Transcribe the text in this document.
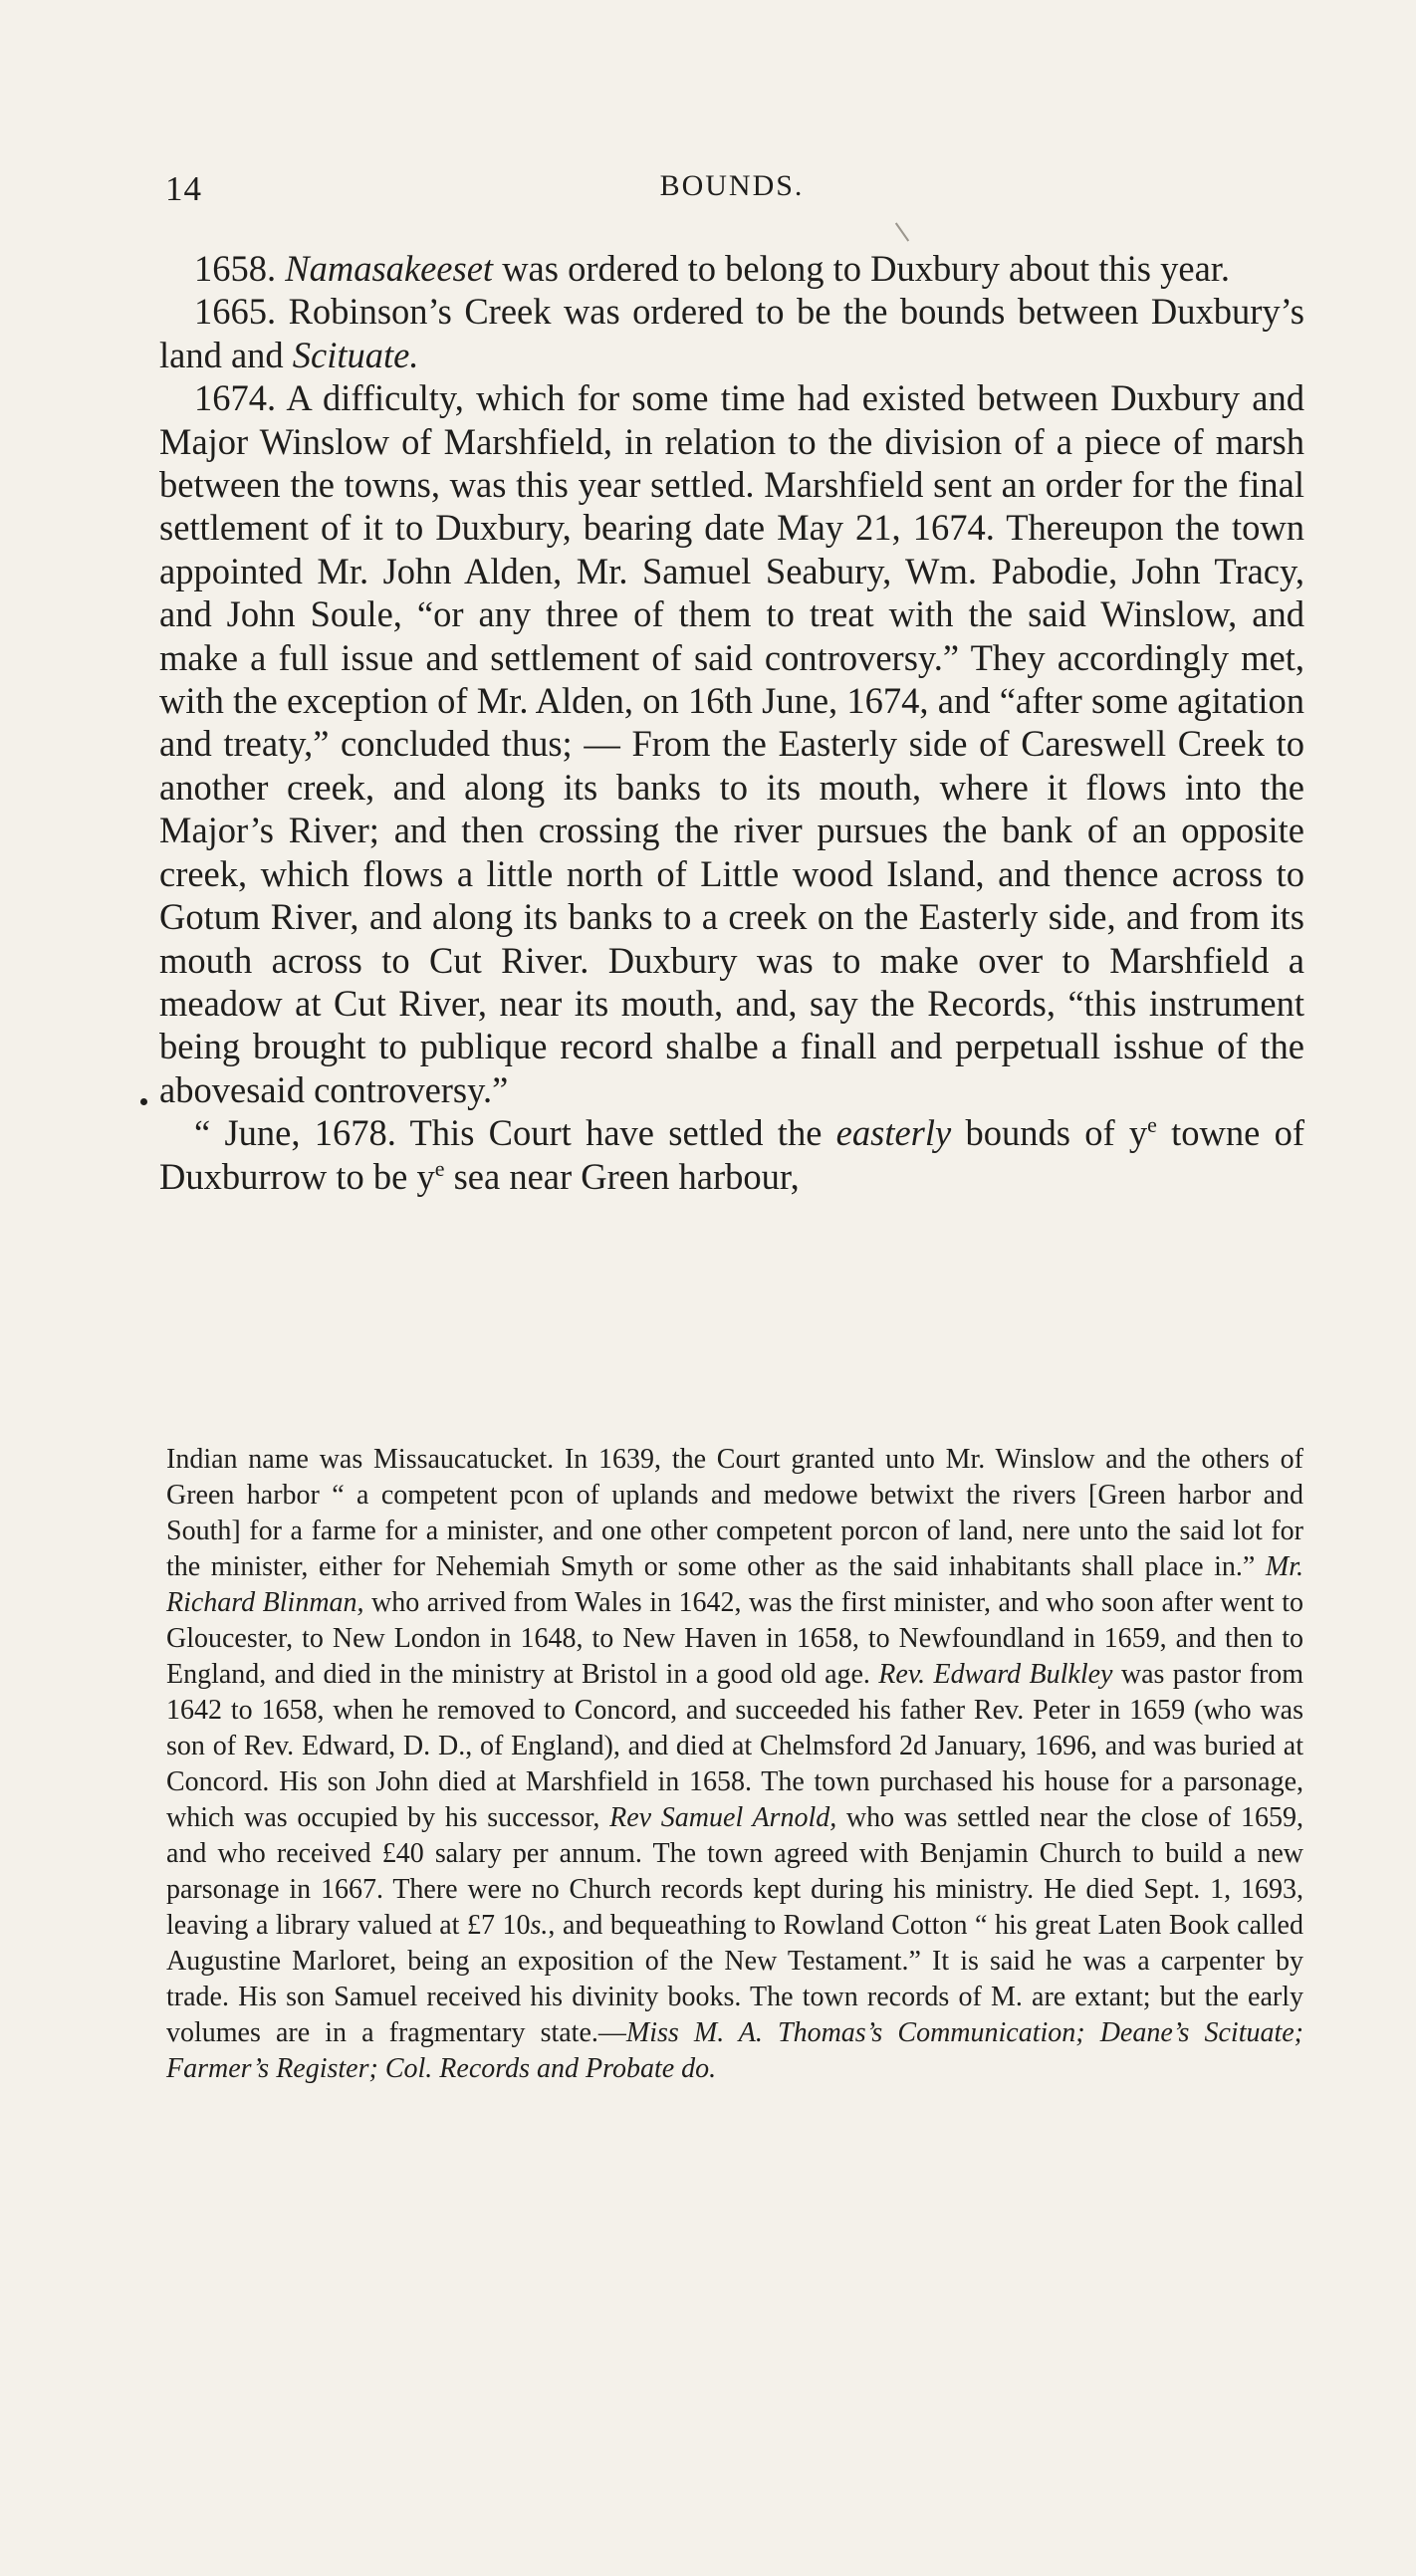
14	BOUNDS.

1658. Namasakeeset was ordered to belong to Duxbury about this year.

1665. Robinson’s Creek was ordered to be the bounds between Duxbury’s land and Scituate.

1674. A difficulty, which for some time had existed between Duxbury and Major Winslow of Marshfield, in relation to the division of a piece of marsh between the towns, was this year settled. Marshfield sent an order for the final settlement of it to Duxbury, bearing date May 21, 1674. Thereupon the town appointed Mr. John Alden, Mr. Samuel Seabury, Wm. Pabodie, John Tracy, and John Soule, “or any three of them to treat with the said Winslow, and make a full issue and settlement of said controversy.” They accordingly met, with the exception of Mr. Alden, on 16th June, 1674, and “after some agitation and treaty,” concluded thus; — From the Easterly side of Careswell Creek to another creek, and along its banks to its mouth, where it flows into the Major’s River; and then crossing the river pursues the bank of an opposite creek, which flows a little north of Little wood Island, and thence across to Gotum River, and along its banks to a creek on the Easterly side, and from its mouth across to Cut River. Duxbury was to make over to Marshfield a meadow at Cut River, near its mouth, and, say the Records, “this instrument being brought to publique record shalbe a finall and perpetuall isshue of the abovesaid controversy.”

“ June, 1678. This Court have settled the easterly bounds of $y^e$ towne of Duxburrow to be $y^e$ sea near Green harbour,

Indian name was Missaucatucket. In 1639, the Court granted unto Mr. Winslow and the others of Green harbor “ a competent pcon of uplands and medowe betwixt the rivers [Green harbor and South] for a farme for a minister, and one other competent porcon of land, nere unto the said lot for the minister, either for Nehemiah Smyth or some other as the said inhabitants shall place in.” Mr. Richard Blinman, who arrived from Wales in 1642, was the first minister, and who soon after went to Gloucester, to New London in 1648, to New Haven in 1658, to Newfoundland in 1659, and then to England, and died in the ministry at Bristol in a good old age. Rev. Edward Bulkley was pastor from 1642 to 1658, when he removed to Concord, and succeeded his father Rev. Peter in 1659 (who was son of Rev. Edward, D. D., of England), and died at Chelmsford 2d January, 1696, and was buried at Concord. His son John died at Marshfield in 1658. The town purchased his house for a parsonage, which was occupied by his successor, Rev Samuel Arnold, who was settled near the close of 1659, and who received £40 salary per annum. The town agreed with Benjamin Church to build a new parsonage in 1667. There were no Church records kept during his ministry. He died Sept. 1, 1693, leaving a library valued at £7 10s., and bequeathing to Rowland Cotton “ his great Laten Book called Augustine Marloret, being an exposition of the New Testament.” It is said he was a carpenter by trade. His son Samuel received his divinity books. The town records of M. are extant; but the early volumes are in a fragmentary state.—Miss M. A. Thomas’s Communication; Deane’s Scituate; Farmer’s Register; Col. Records and Probate do.
